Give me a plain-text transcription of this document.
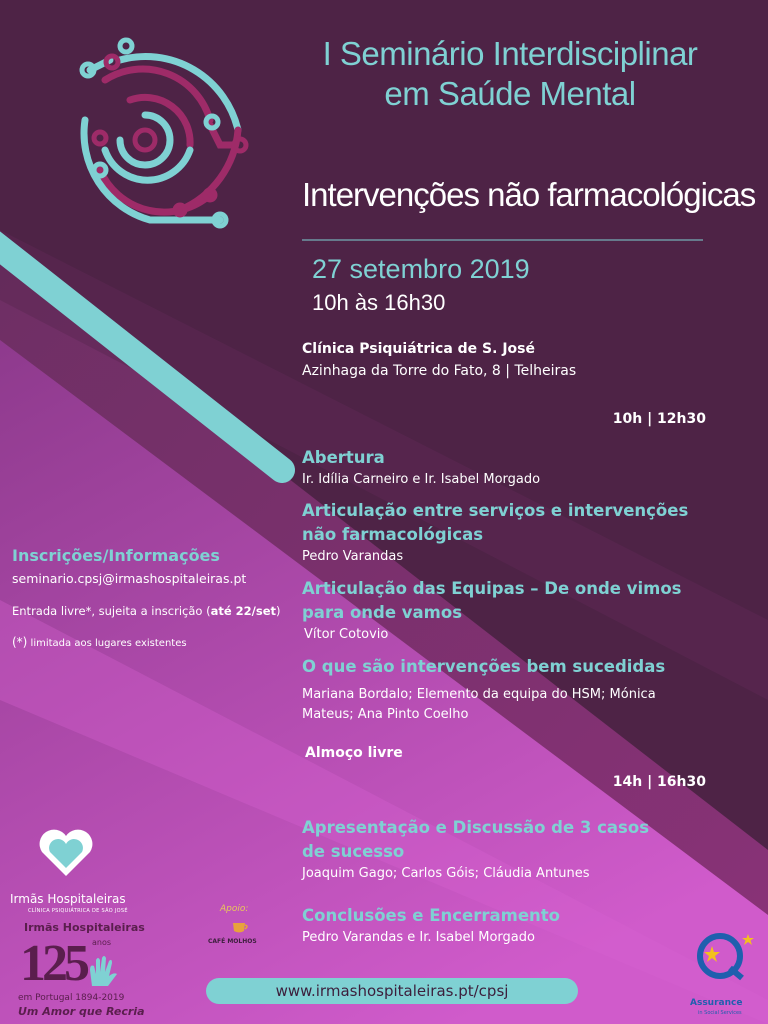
I Seminário Interdisciplinar
em Saúde Mental
Intervenções não farmacológicas
27 setembro 2019
10h às 16h30
Clínica Psiquiátrica de S. José
Azinhaga da Torre do Fato, 8 | Telheiras
10h | 12h30
Abertura
Ir. Idília Carneiro e Ir. Isabel Morgado
Articulação entre serviços e intervenções não farmacológicas
Pedro Varandas
Articulação das Equipas – De onde vimos para onde vamos
Vítor Cotovio
O que são intervenções bem sucedidas
Mariana Bordalo; Elemento da equipa do HSM; Mónica Mateus; Ana Pinto Coelho
Almoço livre
14h | 16h30
Apresentação e Discussão de 3 casos de sucesso
Joaquim Gago; Carlos Góis; Cláudia Antunes
Conclusões e Encerramento
Pedro Varandas e Ir. Isabel Morgado
Inscrições/Informações
seminario.cpsj@irmashospitaleiras.pt
Entrada livre*, sujeita a inscrição (até 22/set)
(*) limitada aos lugares existentes
www.irmashospitaleiras.pt/cpsj
Irmãs Hospitaleiras
CLÍNICA PSIQUIÁTRICA DE SÃO JOSÉ
Irmãs Hospitaleiras
125 anos
em Portugal 1894-2019
Um Amor que Recria
Apoio:
CAFÉ MOLHOS
Assurance
in Social Services
